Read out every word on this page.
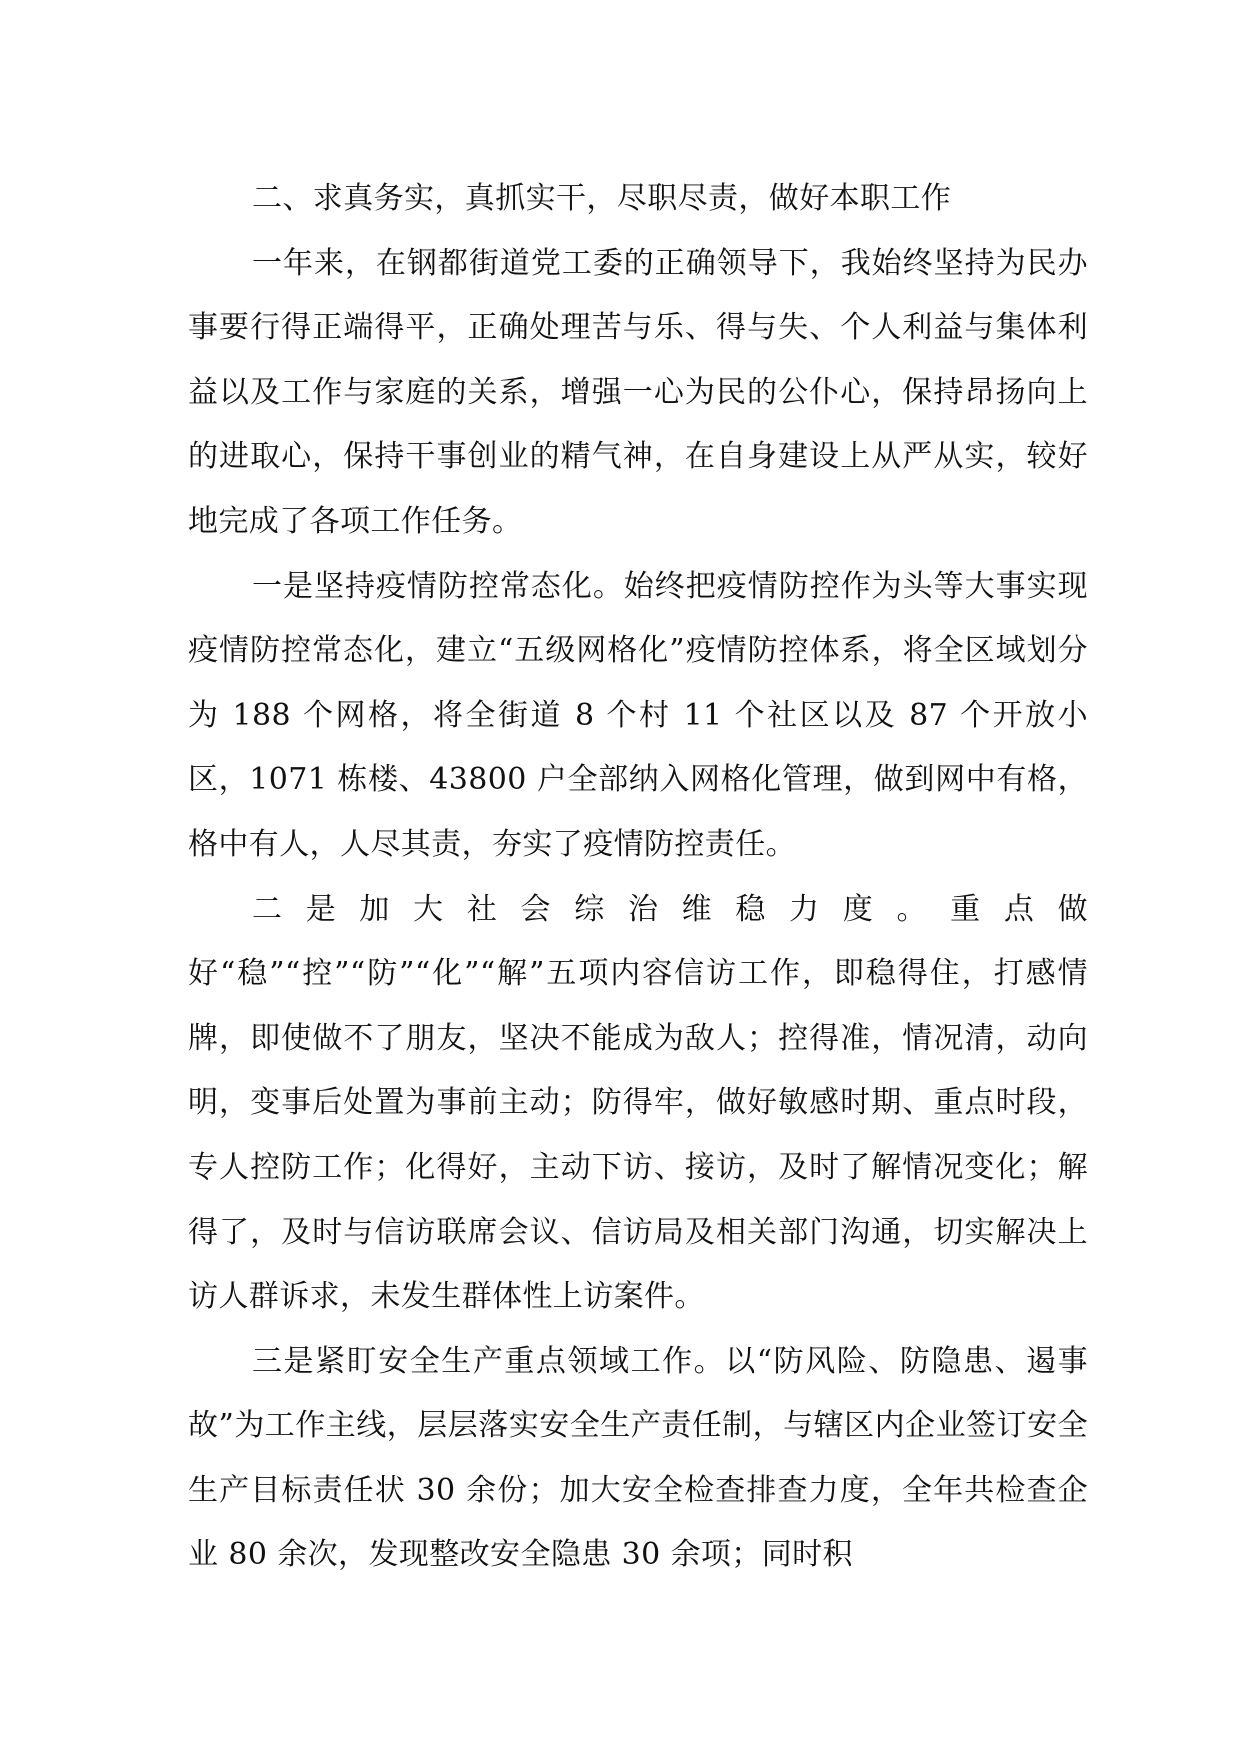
二、求真务实，真抓实干，尽职尽责，做好本职工作

一年来，在钢都街道党工委的正确领导下，我始终坚持为民办事要行得正端得平，正确处理苦与乐、得与失、个人利益与集体利益以及工作与家庭的关系，增强一心为民的公仆心，保持昂扬向上的进取心，保持干事创业的精气神，在自身建设上从严从实，较好地完成了各项工作任务。

一是坚持疫情防控常态化。始终把疫情防控作为头等大事实现疫情防控常态化，建立“五级网格化”疫情防控体系，将全区域划分为 188 个网格，将全街道 8 个村 11 个社区以及 87 个开放小区，1071 栋楼、43800 户全部纳入网格化管理，做到网中有格，格中有人，人尽其责，夯实了疫情防控责任。

二是加大社会综治维稳力度。重点做好“稳”“控”“防”“化”“解”五项内容信访工作，即稳得住，打感情牌，即使做不了朋友，坚决不能成为敌人；控得准，情况清，动向明，变事后处置为事前主动；防得牢，做好敏感时期、重点时段，专人控防工作；化得好，主动下访、接访，及时了解情况变化；解得了，及时与信访联席会议、信访局及相关部门沟通，切实解决上访人群诉求，未发生群体性上访案件。

三是紧盯安全生产重点领域工作。以“防风险、防隐患、遏事故”为工作主线，层层落实安全生产责任制，与辖区内企业签订安全生产目标责任状 30 余份；加大安全检查排查力度，全年共检查企业 80 余次，发现整改安全隐患 30 余项；同时积
